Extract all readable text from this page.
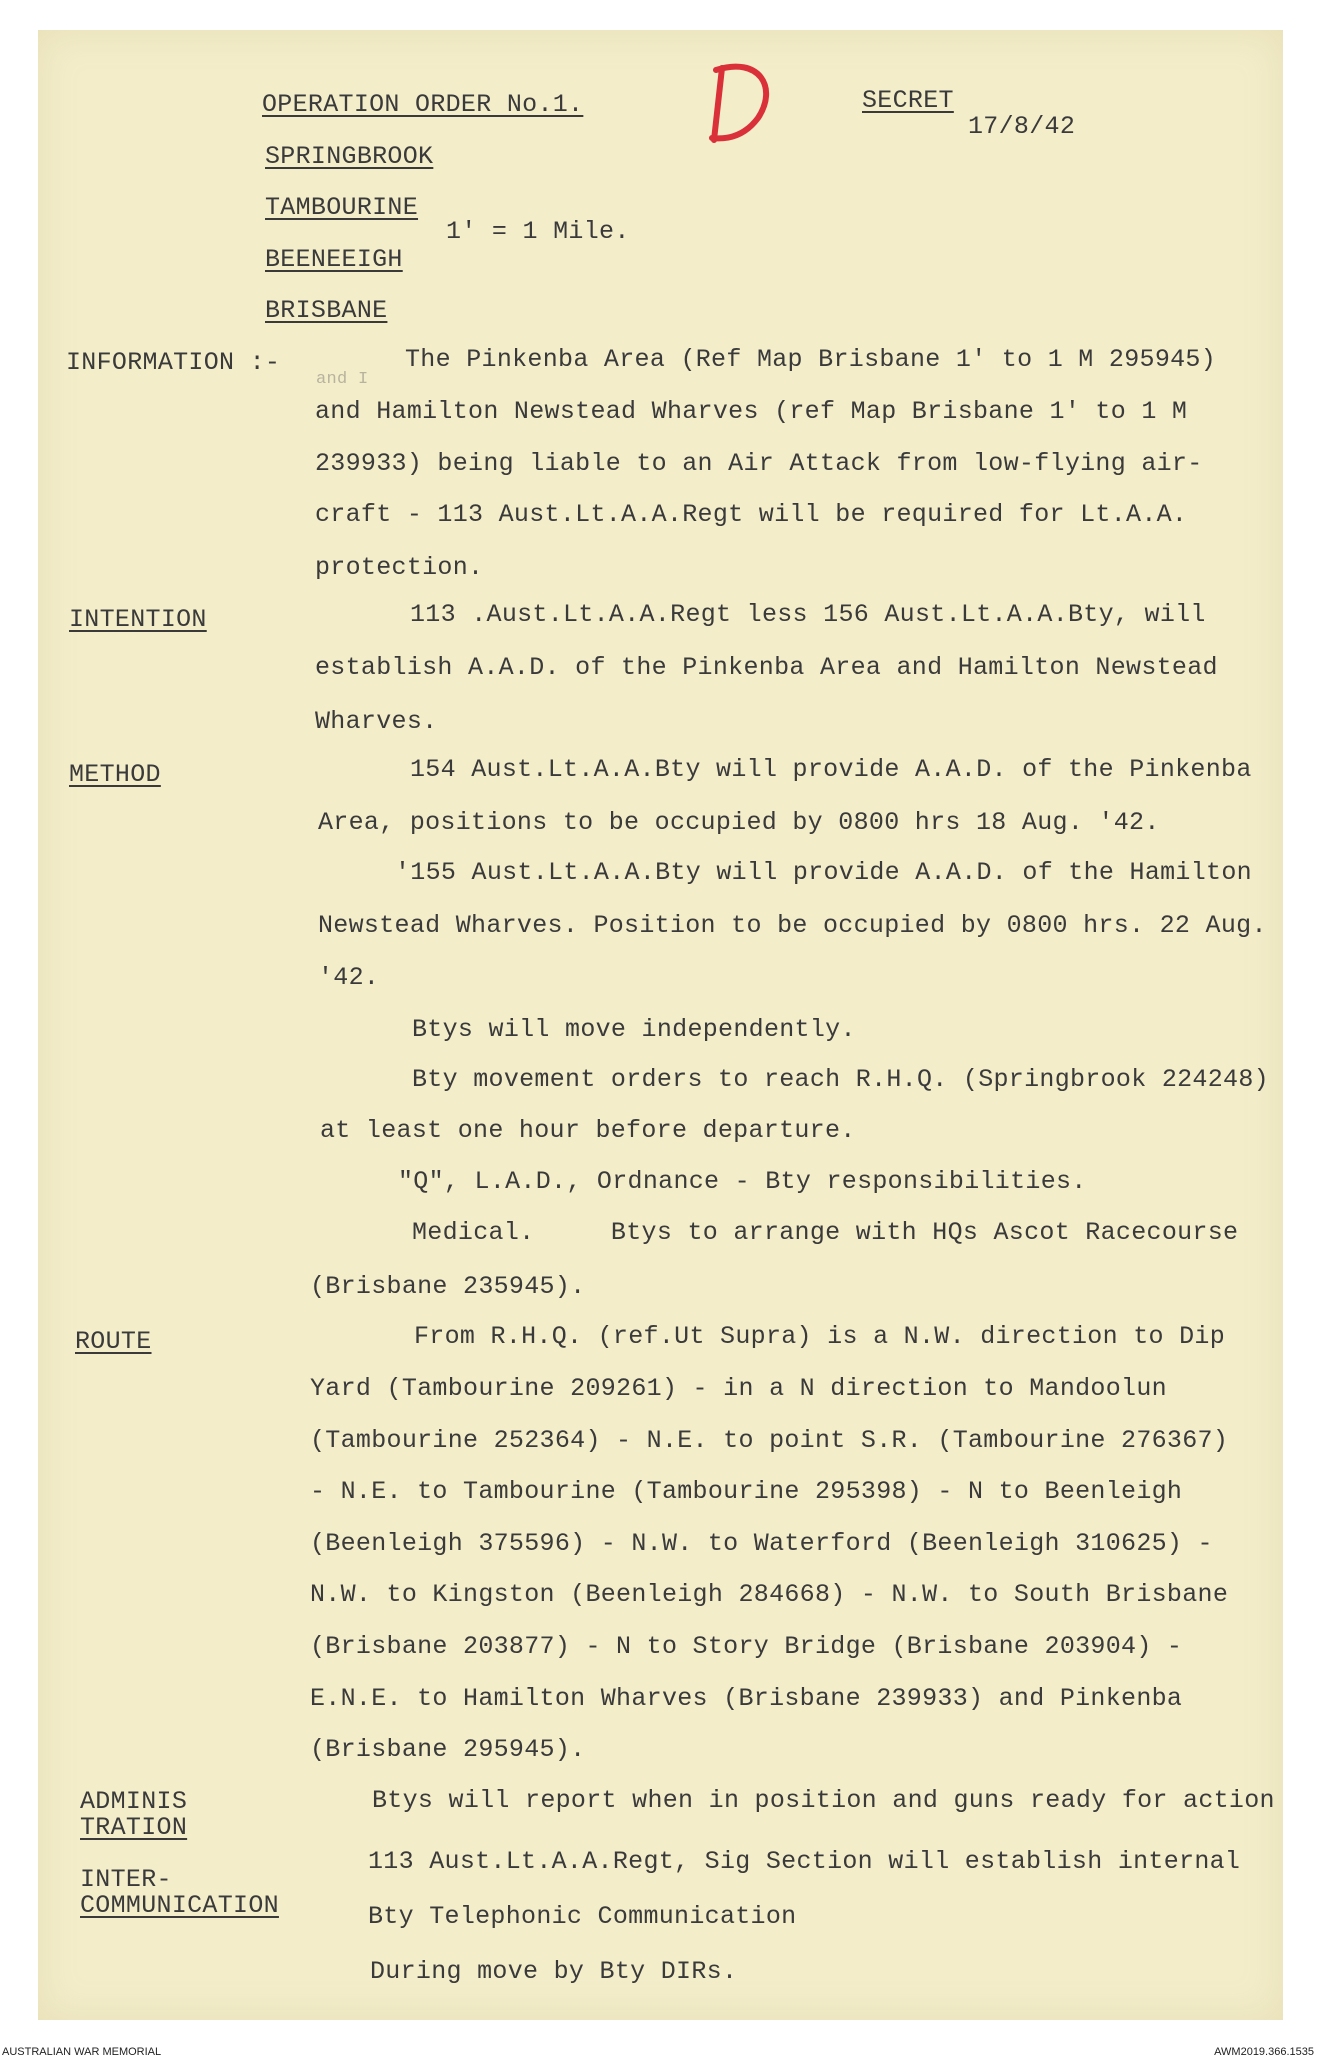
OPERATION ORDER No.1.	SECRET
17/8/42
SPRINGBROOK
TAMBOURINE
BEENEEIGH
BRISBANE
1' = 1 Mile.
INFORMATION :-
and I
The Pinkenba Area (Ref Map Brisbane 1' to 1 M 295945)
and Hamilton Newstead Wharves (ref Map Brisbane 1' to 1 M
239933) being liable to an Air Attack from low-flying air-
craft - 113 Aust.Lt.A.A.Regt will be required for Lt.A.A.
protection.
INTENTION	113 .Aust.Lt.A.A.Regt less 156 Aust.Lt.A.A.Bty, will
establish A.A.D. of the Pinkenba Area and Hamilton Newstead
Wharves.
METHOD	154 Aust.Lt.A.A.Bty will provide A.A.D. of the Pinkenba
Area, positions to be occupied by 0800 hrs 18 Aug. '42.
'155 Aust.Lt.A.A.Bty will provide A.A.D. of the Hamilton
Newstead Wharves. Position to be occupied by 0800 hrs. 22 Aug.
'42.
Btys will move independently.
Bty movement orders to reach R.H.Q. (Springbrook 224248)
at least one hour before departure.
"Q", L.A.D., Ordnance - Bty responsibilities.
Medical.     Btys to arrange with HQs Ascot Racecourse
(Brisbane 235945).
ROUTE	From R.H.Q. (ref.Ut Supra) is a N.W. direction to Dip
Yard (Tambourine 209261) - in a N direction to Mandoolun
(Tambourine 252364) - N.E. to point S.R. (Tambourine 276367)
- N.E. to Tambourine (Tambourine 295398) - N to Beenleigh
(Beenleigh 375596) - N.W. to Waterford (Beenleigh 310625) -
N.W. to Kingston (Beenleigh 284668) - N.W. to South Brisbane
(Brisbane 203877) - N to Story Bridge (Brisbane 203904) -
E.N.E. to Hamilton Wharves (Brisbane 239933) and Pinkenba
(Brisbane 295945).
ADMINIS
TRATION
Btys will report when in position and guns ready for action
INTER-
COMMUNICATION
113 Aust.Lt.A.A.Regt, Sig Section will establish internal
Bty Telephonic Communication
During move by Bty DIRs.
AUSTRALIAN WAR MEMORIAL	AWM2019.366.1535
